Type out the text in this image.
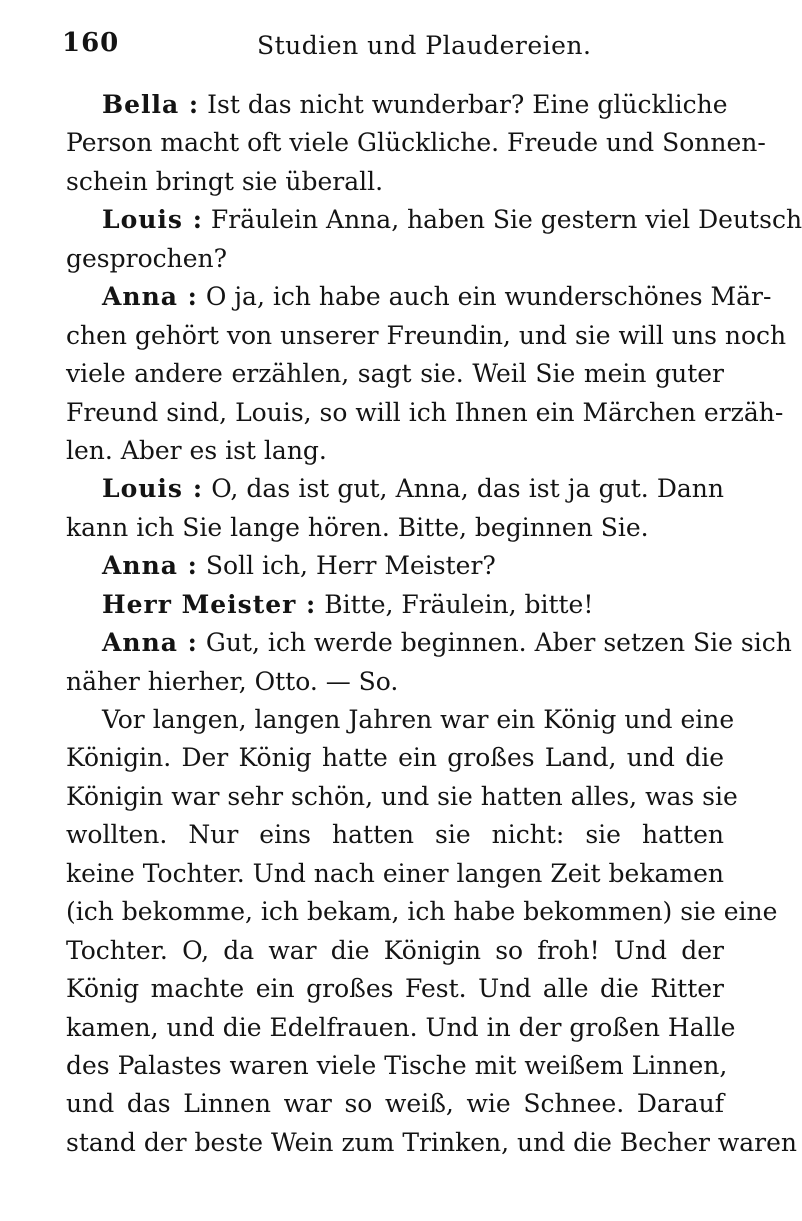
160	Studien und Plaudereien.
Bella : Ist das nicht wunderbar? Eine glückliche
Person macht oft viele Glückliche. Freude und Sonnen-
schein bringt sie überall.
Louis : Fräulein Anna, haben Sie gestern viel Deutsch
gesprochen?
Anna : O ja, ich habe auch ein wunderschönes Mär-
chen gehört von unserer Freundin, und sie will uns noch
viele andere erzählen, sagt sie. Weil Sie mein guter
Freund sind, Louis, so will ich Ihnen ein Märchen erzäh-
len. Aber es ist lang.
Louis : O, das ist gut, Anna, das ist ja gut. Dann
kann ich Sie lange hören. Bitte, beginnen Sie.
Anna : Soll ich, Herr Meister?
Herr Meister : Bitte, Fräulein, bitte!
Anna : Gut, ich werde beginnen. Aber setzen Sie sich
näher hierher, Otto. — So.
Vor langen, langen Jahren war ein König und eine
Königin. Der König hatte ein großes Land, und die
Königin war sehr schön, und sie hatten alles, was sie
wollten. Nur eins hatten sie nicht: sie hatten
keine Tochter. Und nach einer langen Zeit bekamen
(ich bekomme, ich bekam, ich habe bekommen) sie eine
Tochter. O, da war die Königin so froh! Und der
König machte ein großes Fest. Und alle die Ritter
kamen, und die Edelfrauen. Und in der großen Halle
des Palastes waren viele Tische mit weißem Linnen,
und das Linnen war so weiß, wie Schnee. Darauf
stand der beste Wein zum Trinken, und die Becher waren
